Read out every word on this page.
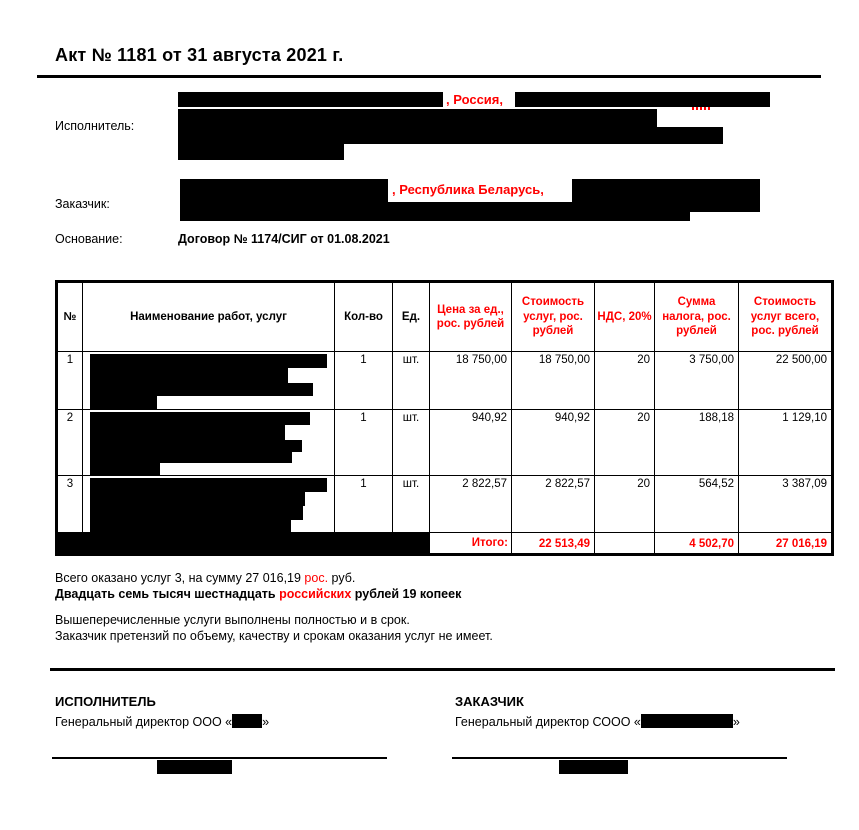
Акт № 1181 от 31 августа 2021 г.
Исполнитель:
, Россия,
Заказчик:
, Республика Беларусь,
Основание:	Договор № 1174/СИГ от 01.08.2021
№	Наименование работ, услуг	Кол-во	Ед.	Цена за ед., рос. рублей	Стоимость услуг, рос. рублей	НДС, 20%	Сумма налога, рос. рублей	Стоимость услуг всего, рос. рублей
1		1	шт.	18 750,00	18 750,00	20	3 750,00	22 500,00
2		1	шт.	940,92	940,92	20	188,18	1 129,10
3		1	шт.	2 822,57	2 822,57	20	564,52	3 387,09

				Итого:	22 513,49		4 502,70	27 016,19

Всего оказано услуг 3, на сумму 27 016,19 рос. руб.

Двадцать семь тысяч шестнадцать российских рублей 19 копеек

Вышеперечисленные услуги выполнены полностью и в срок.

Заказчик претензий по объему, качеству и срокам оказания услуг не имеет.

ИСПОЛНИТЕЛЬ
Генеральный директор ООО « »
ЗАКАЗЧИК
Генеральный директор СООО «	»
